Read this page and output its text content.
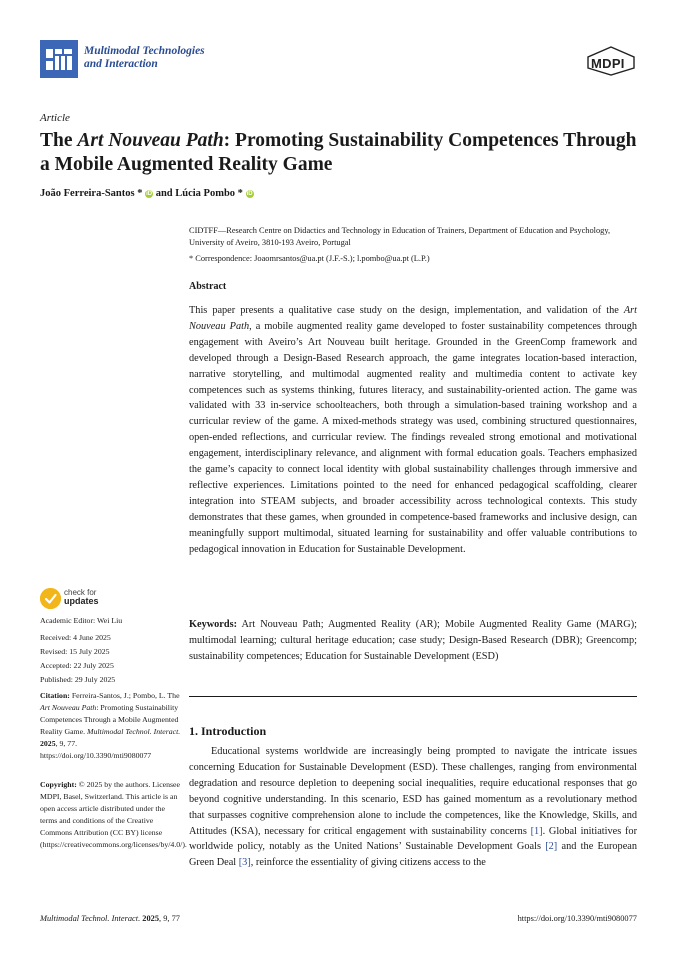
Multimodal Technologies
and Interaction	MDPI
Article
The Art Nouveau Path: Promoting Sustainability Competences Through a Mobile Augmented Reality Game
João Ferreira-Santos * iD and Lúcia Pombo * iD
CIDTFF—Research Centre on Didactics and Technology in Education of Trainers, Department of Education and Psychology, University of Aveiro, 3810-193 Aveiro, Portugal
* Correspondence: Joaomrsantos@ua.pt (J.F.-S.); l.pombo@ua.pt (L.P.)
Abstract
This paper presents a qualitative case study on the design, implementation, and validation of the Art Nouveau Path, a mobile augmented reality game developed to foster sustainability competences through engagement with Aveiro’s Art Nouveau built heritage. Grounded in the GreenComp framework and developed through a Design-Based Research approach, the game integrates location-based interaction, narrative storytelling, and multimodal augmented reality and multimedia content to activate key competences such as systems thinking, futures literacy, and sustainability-oriented action. The game was validated with 33 in-service schoolteachers, both through a simulation-based training workshop and a curricular review of the game. A mixed-methods strategy was used, combining structured questionnaires, open-ended reflections, and curricular review. The findings revealed strong emotional and motivational engagement, interdisciplinary relevance, and alignment with formal education goals. Teachers emphasized the game’s capacity to connect local identity with global sustainability challenges through immersive and reflective experiences. Limitations pointed to the need for enhanced pedagogical scaffolding, clearer integration into STEAM subjects, and broader accessibility across technological contexts. This study demonstrates that these games, when grounded in competence-based frameworks and inclusive design, can meaningfully support multimodal, situated learning for sustainability and offer valuable contributions to pedagogical innovation in Education for Sustainable Development.
Keywords: Art Nouveau Path; Augmented Reality (AR); Mobile Augmented Reality Game (MARG); multimodal learning; cultural heritage education; case study; Design-Based Research (DBR); Greencomp; sustainability competences; Education for Sustainable Development (ESD)
1. Introduction
Educational systems worldwide are increasingly being prompted to navigate the intricate issues concerning Education for Sustainable Development (ESD). These challenges, ranging from environmental degradation and resource depletion to deepening social inequalities, require educational responses that go beyond cognitive understanding. In this scenario, ESD has gained momentum as a revolutionary method that surpasses cognitive comprehension alone to include the competences, like the Knowledge, Skills, and Attitudes (KSA), necessary for critical engagement with sustainability concerns [1]. Global initiatives for worldwide policy, notably as the United Nations’ Sustainable Development Goals [2] and the European Green Deal [3], reinforce the essentiality of giving citizens access to the
check for
updates
Academic Editor: Wei Liu
Received: 4 June 2025
Revised: 15 July 2025
Accepted: 22 July 2025
Published: 29 July 2025
Citation: Ferreira-Santos, J.; Pombo, L. The Art Nouveau Path: Promoting Sustainability Competences Through a Mobile Augmented Reality Game. Multimodal Technol. Interact. 2025, 9, 77. https://doi.org/10.3390/mti9080077
Copyright: © 2025 by the authors. Licensee MDPI, Basel, Switzerland. This article is an open access article distributed under the terms and conditions of the Creative Commons Attribution (CC BY) license (https://creativecommons.org/licenses/by/4.0/).
Multimodal Technol. Interact. 2025, 9, 77	https://doi.org/10.3390/mti9080077
